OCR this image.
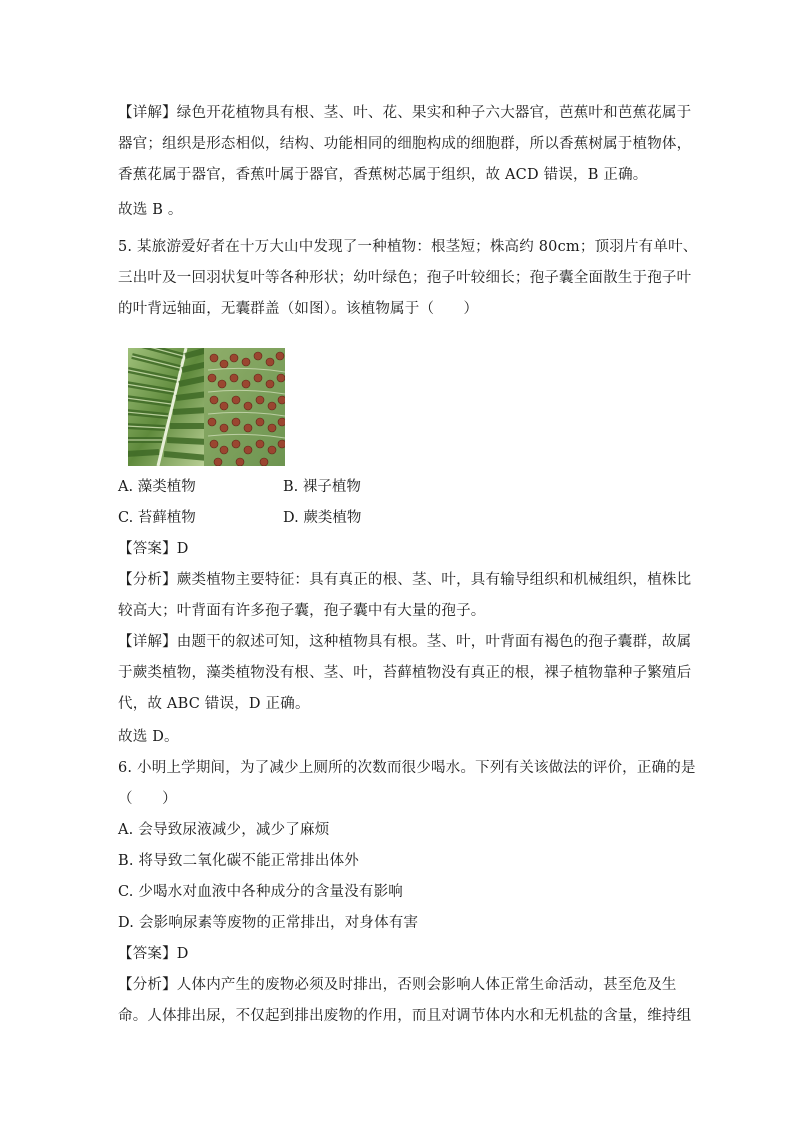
【详解】绿色开花植物具有根、茎、叶、花、果实和种子六大器官，芭蕉叶和芭蕉花属于
器官；组织是形态相似，结构、功能相同的细胞构成的细胞群，所以香蕉树属于植物体，
香蕉花属于器官，香蕉叶属于器官，香蕉树芯属于组织，故 ACD 错误，B 正确。
故选 B 。
5. 某旅游爱好者在十万大山中发现了一种植物：根茎短；株高约 80cm；顶羽片有单叶、
三出叶及一回羽状复叶等各种形状；幼叶绿色；孢子叶较细长；孢子囊全面散生于孢子叶
的叶背远轴面，无囊群盖（如图）。该植物属于（　　）
A. 藻类植物	B. 裸子植物
C. 苔藓植物	D. 蕨类植物
【答案】D
【分析】蕨类植物主要特征：具有真正的根、茎、叶，具有输导组织和机械组织，植株比
较高大；叶背面有许多孢子囊，孢子囊中有大量的孢子。
【详解】由题干的叙述可知，这种植物具有根。茎、叶，叶背面有褐色的孢子囊群，故属
于蕨类植物，藻类植物没有根、茎、叶，苔藓植物没有真正的根，裸子植物靠种子繁殖后
代，故 ABC 错误，D 正确。
故选 D。
6. 小明上学期间，为了减少上厕所的次数而很少喝水。下列有关该做法的评价，正确的是
（　　）
A. 会导致尿液减少，减少了麻烦
B. 将导致二氧化碳不能正常排出体外
C. 少喝水对血液中各种成分的含量没有影响
D. 会影响尿素等废物的正常排出，对身体有害
【答案】D
【分析】人体内产生的废物必须及时排出，否则会影响人体正常生命活动，甚至危及生
命。人体排出尿，不仅起到排出废物的作用，而且对调节体内水和无机盐的含量，维持组
